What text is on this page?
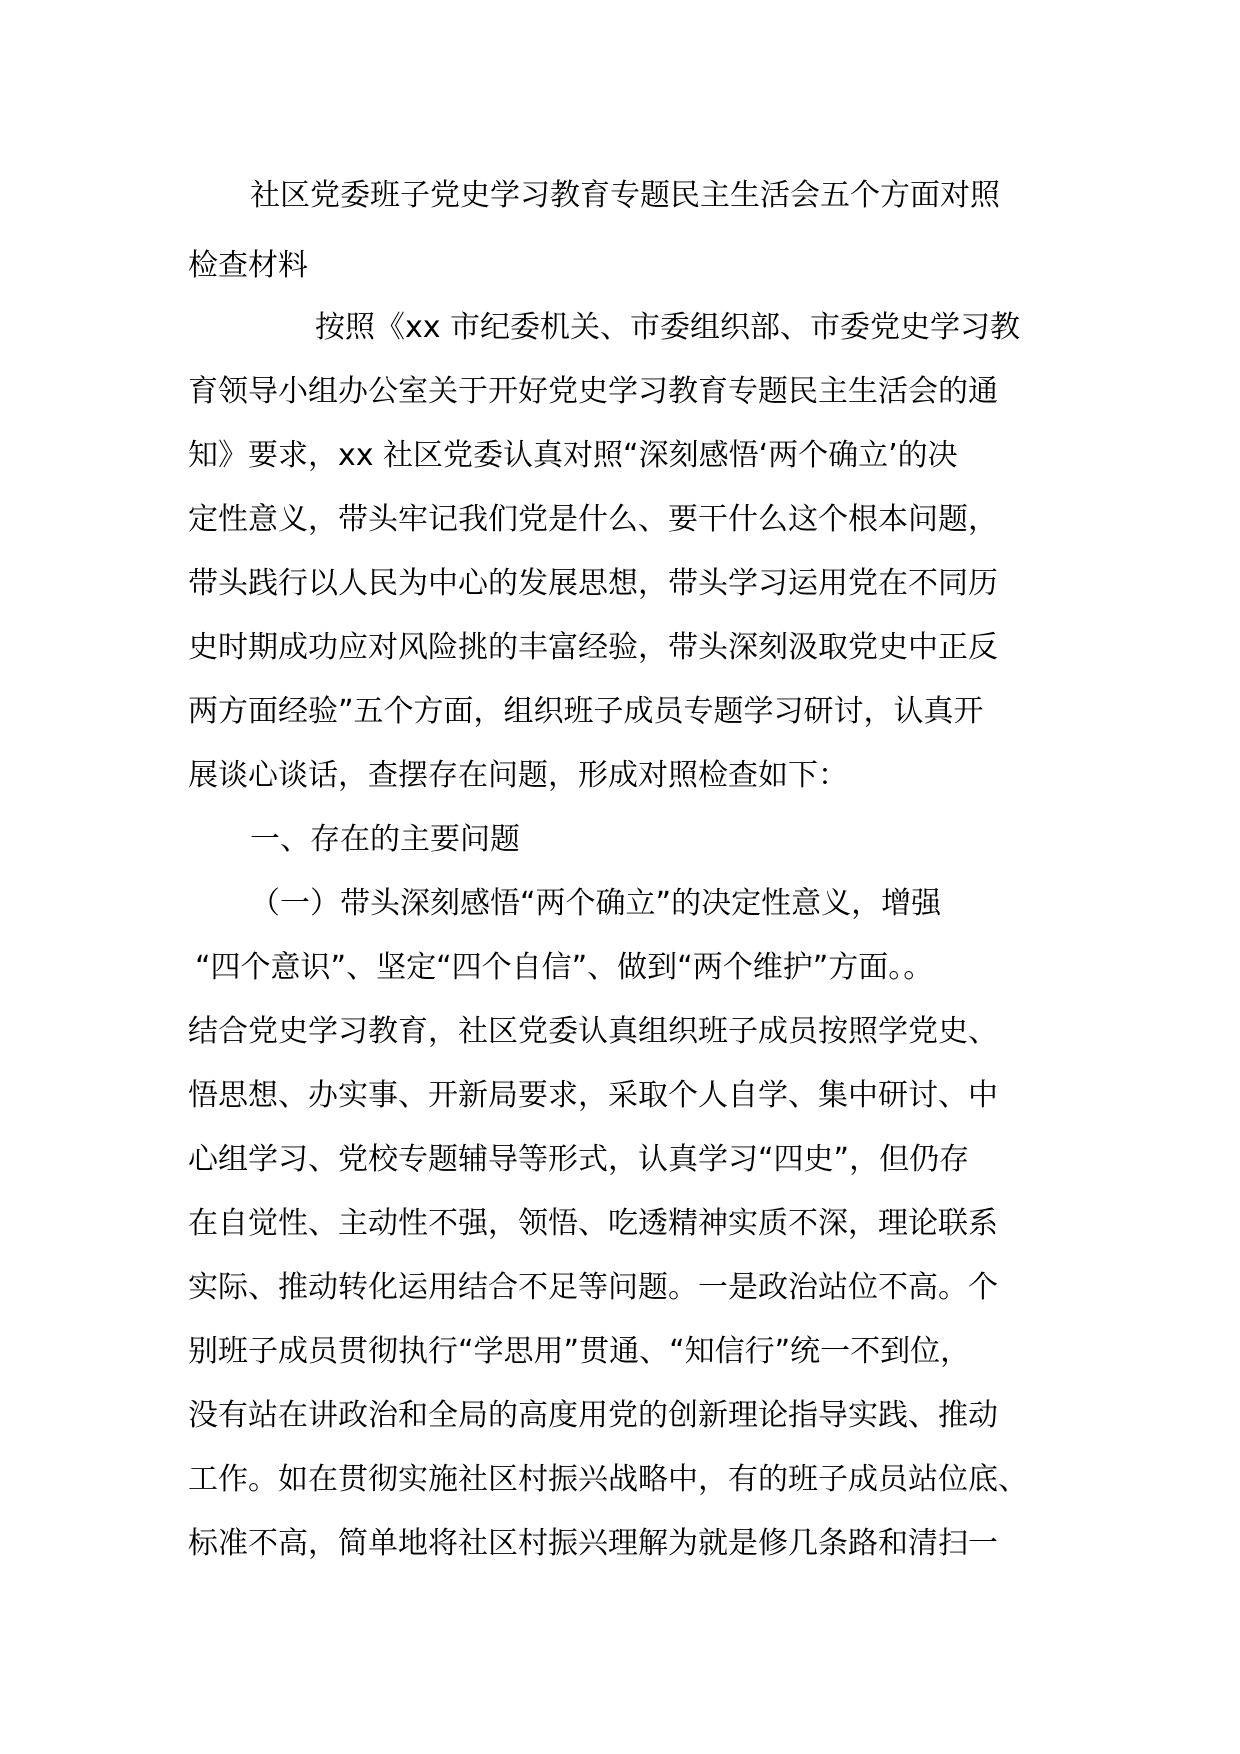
社区党委班子党史学习教育专题民主生活会五个方面对照
检查材料
按照《xx 市纪委机关、市委组织部、市委党史学习教
育领导小组办公室关于开好党史学习教育专题民主生活会的通
知》要求，xx 社区党委认真对照“深刻感悟‘两个确立’的决
定性意义，带头牢记我们党是什么、要干什么这个根本问题，
带头践行以人民为中心的发展思想，带头学习运用党在不同历
史时期成功应对风险挑的丰富经验，带头深刻汲取党史中正反
两方面经验”五个方面，组织班子成员专题学习研讨，认真开
展谈心谈话，查摆存在问题，形成对照检查如下：
一、存在的主要问题
（一）带头深刻感悟“两个确立”的决定性意义，增强
“四个意识”、坚定“四个自信”、做到“两个维护”方面。。
结合党史学习教育，社区党委认真组织班子成员按照学党史、
悟思想、办实事、开新局要求，采取个人自学、集中研讨、中
心组学习、党校专题辅导等形式，认真学习“四史”，但仍存
在自觉性、主动性不强，领悟、吃透精神实质不深，理论联系
实际、推动转化运用结合不足等问题。一是政治站位不高。个
别班子成员贯彻执行“学思用”贯通、“知信行”统一不到位，
没有站在讲政治和全局的高度用党的创新理论指导实践、推动
工作。如在贯彻实施社区村振兴战略中，有的班子成员站位底、
标准不高，简单地将社区村振兴理解为就是修几条路和清扫一
